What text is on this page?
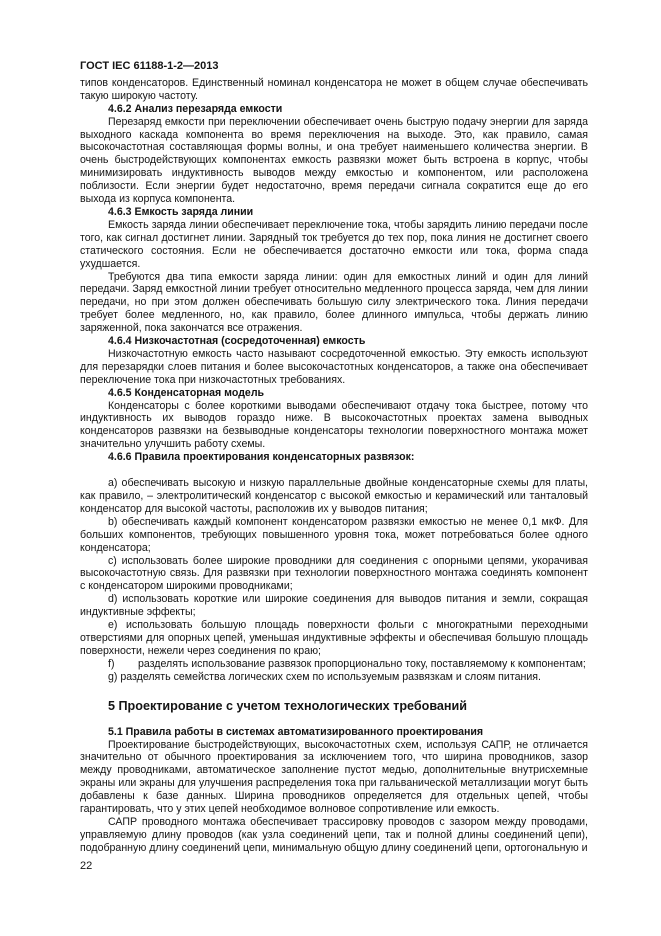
ГОСТ IEC 61188-1-2—2013

типов конденсаторов. Единственный номинал конденсатора не может в общем случае обеспечивать такую широкую частоту.

4.6.2 Анализ перезаряда емкости

Перезаряд емкости при переключении обеспечивает очень быструю подачу энергии для заряда выходного каскада компонента во время переключения на выходе. Это, как правило, самая высокочастотная составляющая формы волны, и она требует наименьшего количества энергии. В очень быстродействующих компонентах емкость развязки может быть встроена в корпус, чтобы минимизировать индуктивность выводов между емкостью и компонентом, или расположена поблизости. Если энергии будет недостаточно, время передачи сигнала сократится еще до его выхода из корпуса компонента.

4.6.3 Емкость заряда линии

Емкость заряда линии обеспечивает переключение тока, чтобы зарядить линию передачи после того, как сигнал достигнет линии. Зарядный ток требуется до тех пор, пока линия не достигнет своего статического состояния. Если не обеспечивается достаточно емкости или тока, форма спада ухудшается.

Требуются два типа емкости заряда линии: один для емкостных линий и один для линий передачи. Заряд емкостной линии требует относительно медленного процесса заряда, чем для линии передачи, но при этом должен обеспечивать большую силу электрического тока. Линия передачи требует более медленного, но, как правило, более длинного импульса, чтобы держать линию заряженной, пока закончатся все отражения.

4.6.4 Низкочастотная (сосредоточенная) емкость

Низкочастотную емкость часто называют сосредоточенной емкостью. Эту емкость используют для перезарядки слоев питания и более высокочастотных конденсаторов, а также она обеспечивает переключение тока при низкочастотных требованиях.

4.6.5 Конденсаторная модель

Конденсаторы с более короткими выводами обеспечивают отдачу тока быстрее, потому что индуктивность их выводов гораздо ниже. В высокочастотных проектах замена выводных конденсаторов развязки на безвыводные конденсаторы технологии поверхностного монтажа может значительно улучшить работу схемы.

4.6.6 Правила проектирования конденсаторных развязок:

a) обеспечивать высокую и низкую параллельные двойные конденсаторные схемы для платы, как правило, – электролитический конденсатор с высокой емкостью и керамический или танталовый конденсатор для высокой частоты, расположив их у выводов питания;

b) обеспечивать каждый компонент конденсатором развязки емкостью не менее 0,1 мкФ. Для больших компонентов, требующих повышенного уровня тока, может потребоваться более одного конденсатора;

c) использовать более широкие проводники для соединения с опорными цепями, укорачивая высокочастотную связь. Для развязки при технологии поверхностного монтажа соединять компонент с конденсатором широкими проводниками;

d) использовать короткие или широкие соединения для выводов питания и земли, сокращая индуктивные эффекты;

e) использовать большую площадь поверхности фольги с многократными переходными отверстиями для опорных цепей, уменьшая индуктивные эффекты и обеспечивая большую площадь поверхности, нежели через соединения по краю;

f) разделять использование развязок пропорционально току, поставляемому к компонентам;

g) разделять семейства логических схем по используемым развязкам и слоям питания.

5 Проектирование с учетом технологических требований

5.1 Правила работы в системах автоматизированного проектирования

Проектирование быстродействующих, высокочастотных схем, используя САПР, не отличается значительно от обычного проектирования за исключением того, что ширина проводников, зазор между проводниками, автоматическое заполнение пустот медью, дополнительные внутрисхемные экраны или экраны для улучшения распределения тока при гальванической металлизации могут быть добавлены к базе данных. Ширина проводников определяется для отдельных цепей, чтобы гарантировать, что у этих цепей необходимое волновое сопротивление или емкость.

САПР проводного монтажа обеспечивает трассировку проводов с зазором между проводами, управляемую длину проводов (как узла соединений цепи, так и полной длины соединений цепи), подобранную длину соединений цепи, минимальную общую длину соединений цепи, ортогональную и

22
